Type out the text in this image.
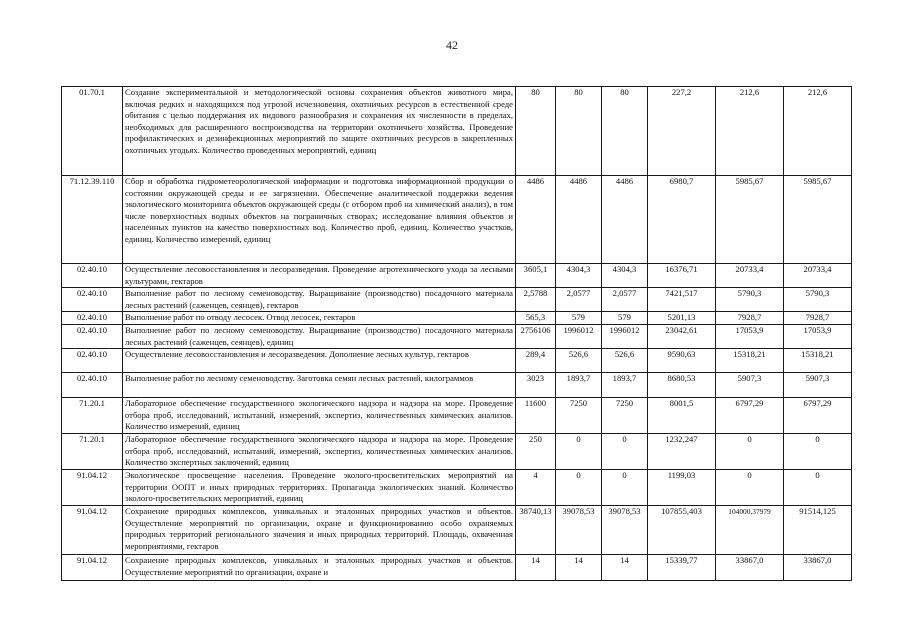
42
01.70.1	Создание экспериментальной и методологической основы сохранения объектов животного мира, включая редких и находящихся под угрозой исчезновения, охотничьих ресурсов в естественной среде обитания с целью поддержания их видового разнообразия и сохранения их численности в пределах, необходимых для расширенного воспроизводства на территории охотничьего хозяйства. Проведение профилактических и дезинфекционных мероприятий по защите охотничьих ресурсов в закрепленных охотничьих угодьях. Количество проведенных мероприятий, единиц	80	80	80	227,2	212,6	212,6
71.12.39.110	Сбор и обработка гидрометеорологической информации и подготовка информационной продукции о состоянии окружающей среды и ее загрязнении. Обеспечение аналитической поддержки ведения экологического мониторинга объектов окружающей среды (с отбором проб на химический анализ), в том числе поверхностных водных объектов на пограничных створах; исследование влияния объектов и населенных пунктов на качество поверхностных вод. Количество проб, единиц. Количество участков, единиц. Количество измерений, единиц	4486	4486	4486	6980,7	5985,67	5985,67
02.40.10	Осуществление лесовосстановления и лесоразведения. Проведение агротехнического ухода за лесными культурами, гектаров	3605,1	4304,3	4304,3	16376,71	20733,4	20733,4
02.40.10	Выполнение работ по лесному семеноводству. Выращивание (производство) посадочного материала лесных растений (саженцев, сеянцев), гектаров	2,5788	2,0577	2,0577	7421,517	5790,3	5790,3
02.40.10	Выполнение работ по отводу лесосек. Отвод лесосек, гектаров	565,3	579	579	5201,13	7928,7	7928,7
02.40.10	Выполнение работ по лесному семеноводству. Выращивание (производство) посадочного материала лесных растений (саженцев, сеянцев), единиц	2756106	1996012	1996012	23042,61	17053,9	17053,9
02.40.10	Осуществление лесовосстановления и лесоразведения. Дополнение лесных культур, гектаров	289,4	526,6	526,6	9590,63	15318,21	15318,21
02.40.10	Выполнение работ по лесному семеноводству. Заготовка семян лесных растений, килограммов	3023	1893,7	1893,7	8680,53	5907,3	5907,3
71.20.1	Лабораторное обеспечение государственного экологического надзора и надзора на море. Проведение отбора проб, исследований, испытаний, измерений, экспертиз, количественных химических анализов. Количество измерений, единиц	11600	7250	7250	8001,5	6797,29	6797,29
71.20.1	Лабораторное обеспечение государственного экологического надзора и надзора на море. Проведение отбора проб, исследований, испытаний, измерений, экспертиз, количественных химических анализов. Количество экспертных заключений, единиц	250	0	0	1232,247	0	0
91.04.12	Экологическое просвещение населения. Проведение эколого-просветительских мероприятий на территории ООПТ и иных природных территориях. Пропаганда экологических знаний. Количество эколого-просветительских мероприятий, единиц	4	0	0	1199,03	0	0
91.04.12	Сохранение природных комплексов, уникальных и эталонных природных участков и объектов. Осуществление мероприятий по организации, охране и функционированию особо охраняемых природных территорий регионального значения и иных природных территорий. Площадь, охваченная мероприятиями, гектаров	38740,13	39078,53	39078,53	107855,403	104000,37979	91514,125
91.04.12	Сохранение природных комплексов, уникальных и эталонных природных участков и объектов. Осуществление мероприятий по организации, охране и	14	14	14	15339,77	33867,0	33867,0
